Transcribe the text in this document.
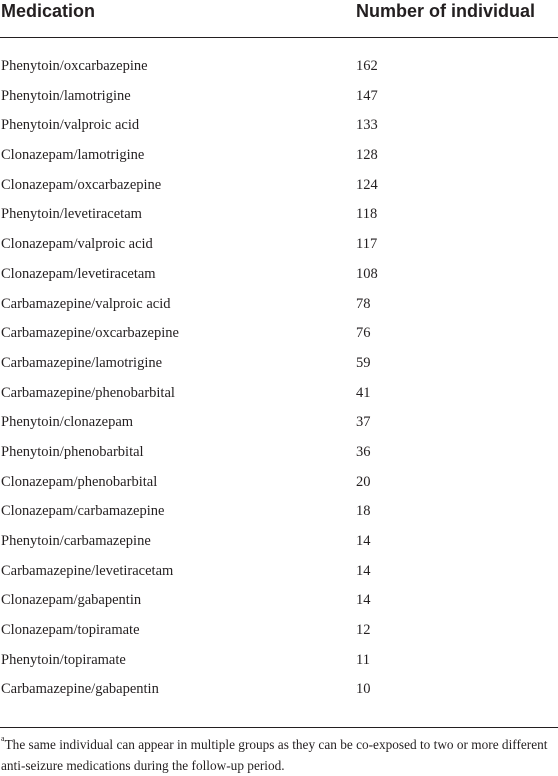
Medication	Number of individual
Phenytoin/oxcarbazepine	162
Phenytoin/lamotrigine	147
Phenytoin/valproic acid	133
Clonazepam/lamotrigine	128
Clonazepam/oxcarbazepine	124
Phenytoin/levetiracetam	118
Clonazepam/valproic acid	117
Clonazepam/levetiracetam	108
Carbamazepine/valproic acid	78
Carbamazepine/oxcarbazepine	76
Carbamazepine/lamotrigine	59
Carbamazepine/phenobarbital	41
Phenytoin/clonazepam	37
Phenytoin/phenobarbital	36
Clonazepam/phenobarbital	20
Clonazepam/carbamazepine	18
Phenytoin/carbamazepine	14
Carbamazepine/levetiracetam	14
Clonazepam/gabapentin	14
Clonazepam/topiramate	12
Phenytoin/topiramate	11
Carbamazepine/gabapentin	10
$^a$The same individual can appear in multiple groups as they can be co-exposed to two or more different anti-seizure medications during the follow-up period.
